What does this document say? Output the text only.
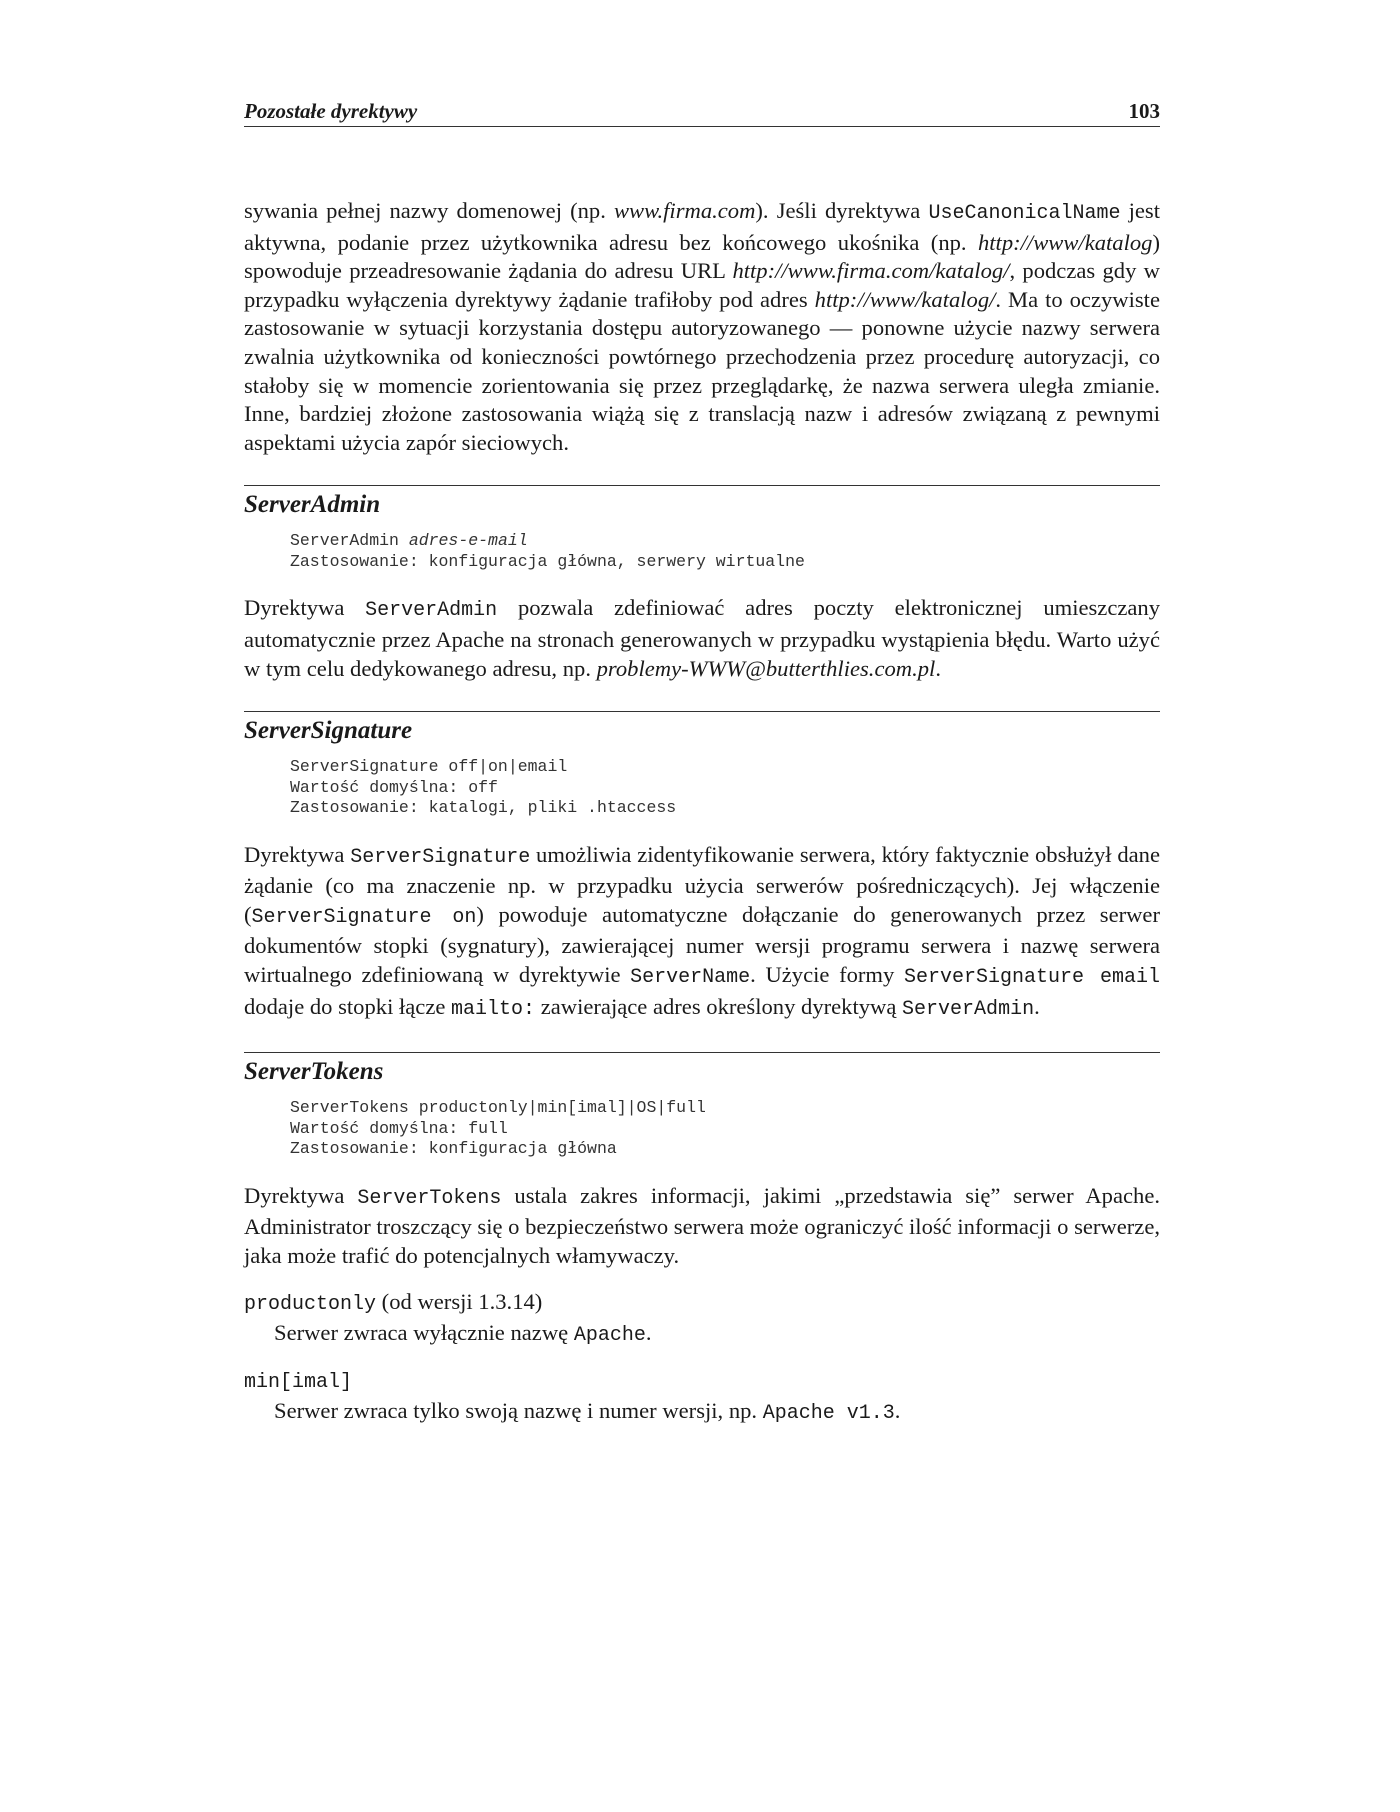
Pozostałe dyrektywy	103

sywania pełnej nazwy domenowej (np. www.firma.com). Jeśli dyrektywa UseCanonicalName jest aktywna, podanie przez użytkownika adresu bez końcowego ukośnika (np. http://www/katalog) spowoduje przeadresowanie żądania do adresu URL http://www.firma.com/katalog/, podczas gdy w przypadku wyłączenia dyrektywy żądanie trafiłoby pod adres http://www/katalog/. Ma to oczywiste zastosowanie w sytuacji korzystania dostępu autoryzowanego — ponowne użycie nazwy serwera zwalnia użytkownika od konieczności powtórnego przechodzenia przez procedurę autoryzacji, co stałoby się w momencie zorientowania się przez przeglądarkę, że nazwa serwera uległa zmianie. Inne, bardziej złożone zastosowania wiążą się z translacją nazw i adresów związaną z pewnymi aspektami użycia zapór sieciowych.

ServerAdmin
ServerAdmin adres-e-mail
Zastosowanie: konfiguracja główna, serwery wirtualne

Dyrektywa ServerAdmin pozwala zdefiniować adres poczty elektronicznej umieszczany automatycznie przez Apache na stronach generowanych w przypadku wystąpienia błędu. Warto użyć w tym celu dedykowanego adresu, np. problemy-WWW@butterthlies.com.pl.

ServerSignature
ServerSignature off|on|email
Wartość domyślna: off
Zastosowanie: katalogi, pliki .htaccess

Dyrektywa ServerSignature umożliwia zidentyfikowanie serwera, który faktycznie obsłużył dane żądanie (co ma znaczenie np. w przypadku użycia serwerów pośredniczących). Jej włączenie (ServerSignature on) powoduje automatyczne dołączanie do generowanych przez serwer dokumentów stopki (sygnatury), zawierającej numer wersji programu serwera i nazwę serwera wirtualnego zdefiniowaną w dyrektywie ServerName. Użycie formy ServerSignature email dodaje do stopki łącze mailto: zawierające adres określony dyrektywą ServerAdmin.

ServerTokens
ServerTokens productonly|min[imal]|OS|full
Wartość domyślna: full
Zastosowanie: konfiguracja główna

Dyrektywa ServerTokens ustala zakres informacji, jakimi „przedstawia się” serwer Apache. Administrator troszczący się o bezpieczeństwo serwera może ograniczyć ilość informacji o serwerze, jaka może trafić do potencjalnych włamywaczy.

productonly (od wersji 1.3.14)
Serwer zwraca wyłącznie nazwę Apache.
min[imal]
Serwer zwraca tylko swoją nazwę i numer wersji, np. Apache v1.3.
